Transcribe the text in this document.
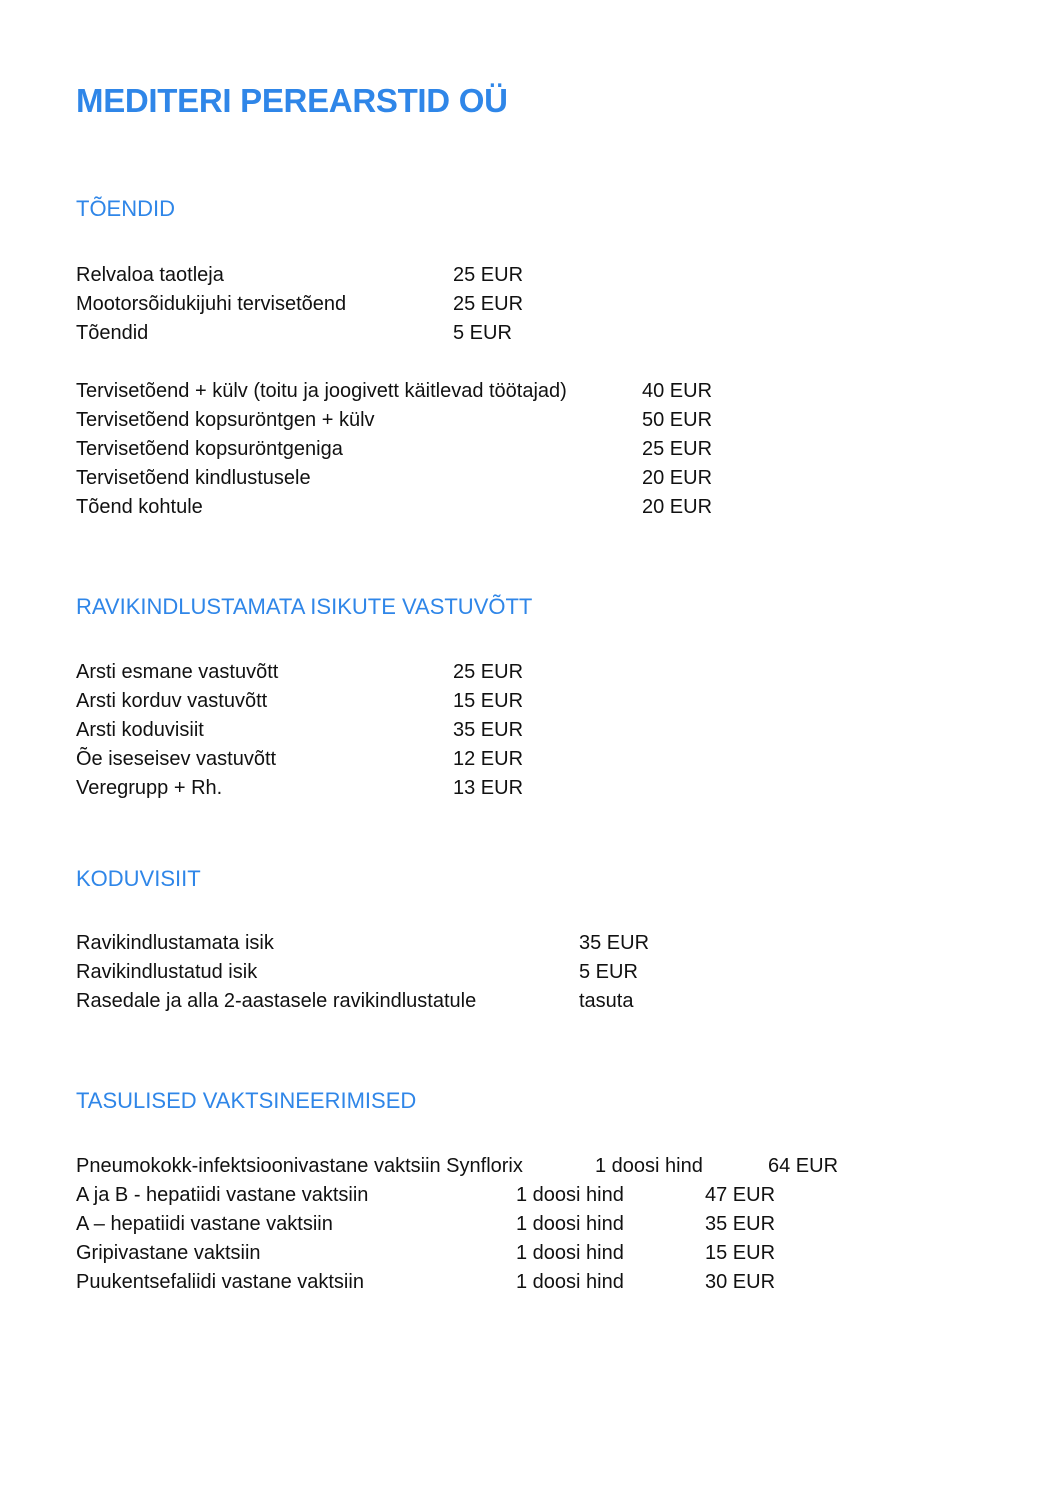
MEDITERI PEREARSTID OÜ
TÕENDID
Relvaloa taotleja	25 EUR
Mootorsõidukijuhi tervisetõend	25 EUR
Tõendid	5 EUR
Tervisetõend + külv (toitu ja joogivett käitlevad töötajad)	40 EUR
Tervisetõend kopsuröntgen + külv	50 EUR
Tervisetõend kopsuröntgeniga	25 EUR
Tervisetõend kindlustusele	20 EUR
Tõend kohtule	20 EUR
RAVIKINDLUSTAMATA ISIKUTE VASTUVÕTT
Arsti esmane vastuvõtt	25 EUR
Arsti korduv vastuvõtt	15 EUR
Arsti koduvisiit	35 EUR
Õe iseseisev vastuvõtt	12 EUR
Veregrupp + Rh.	13 EUR
KODUVISIIT
Ravikindlustamata isik	35 EUR
Ravikindlustatud isik	5 EUR
Rasedale ja alla 2-aastasele ravikindlustatule	tasuta
TASULISED VAKTSINEERIMISED
Pneumokokk-infektsioonivastane vaktsiin Synflorix	1 doosi hind	64 EUR
A ja B - hepatiidi vastane vaktsiin	1 doosi hind	47 EUR
A – hepatiidi vastane vaktsiin	1 doosi hind	35 EUR
Gripivastane vaktsiin	1 doosi hind	15 EUR
Puukentsefaliidi vastane vaktsiin	1 doosi hind	30 EUR
